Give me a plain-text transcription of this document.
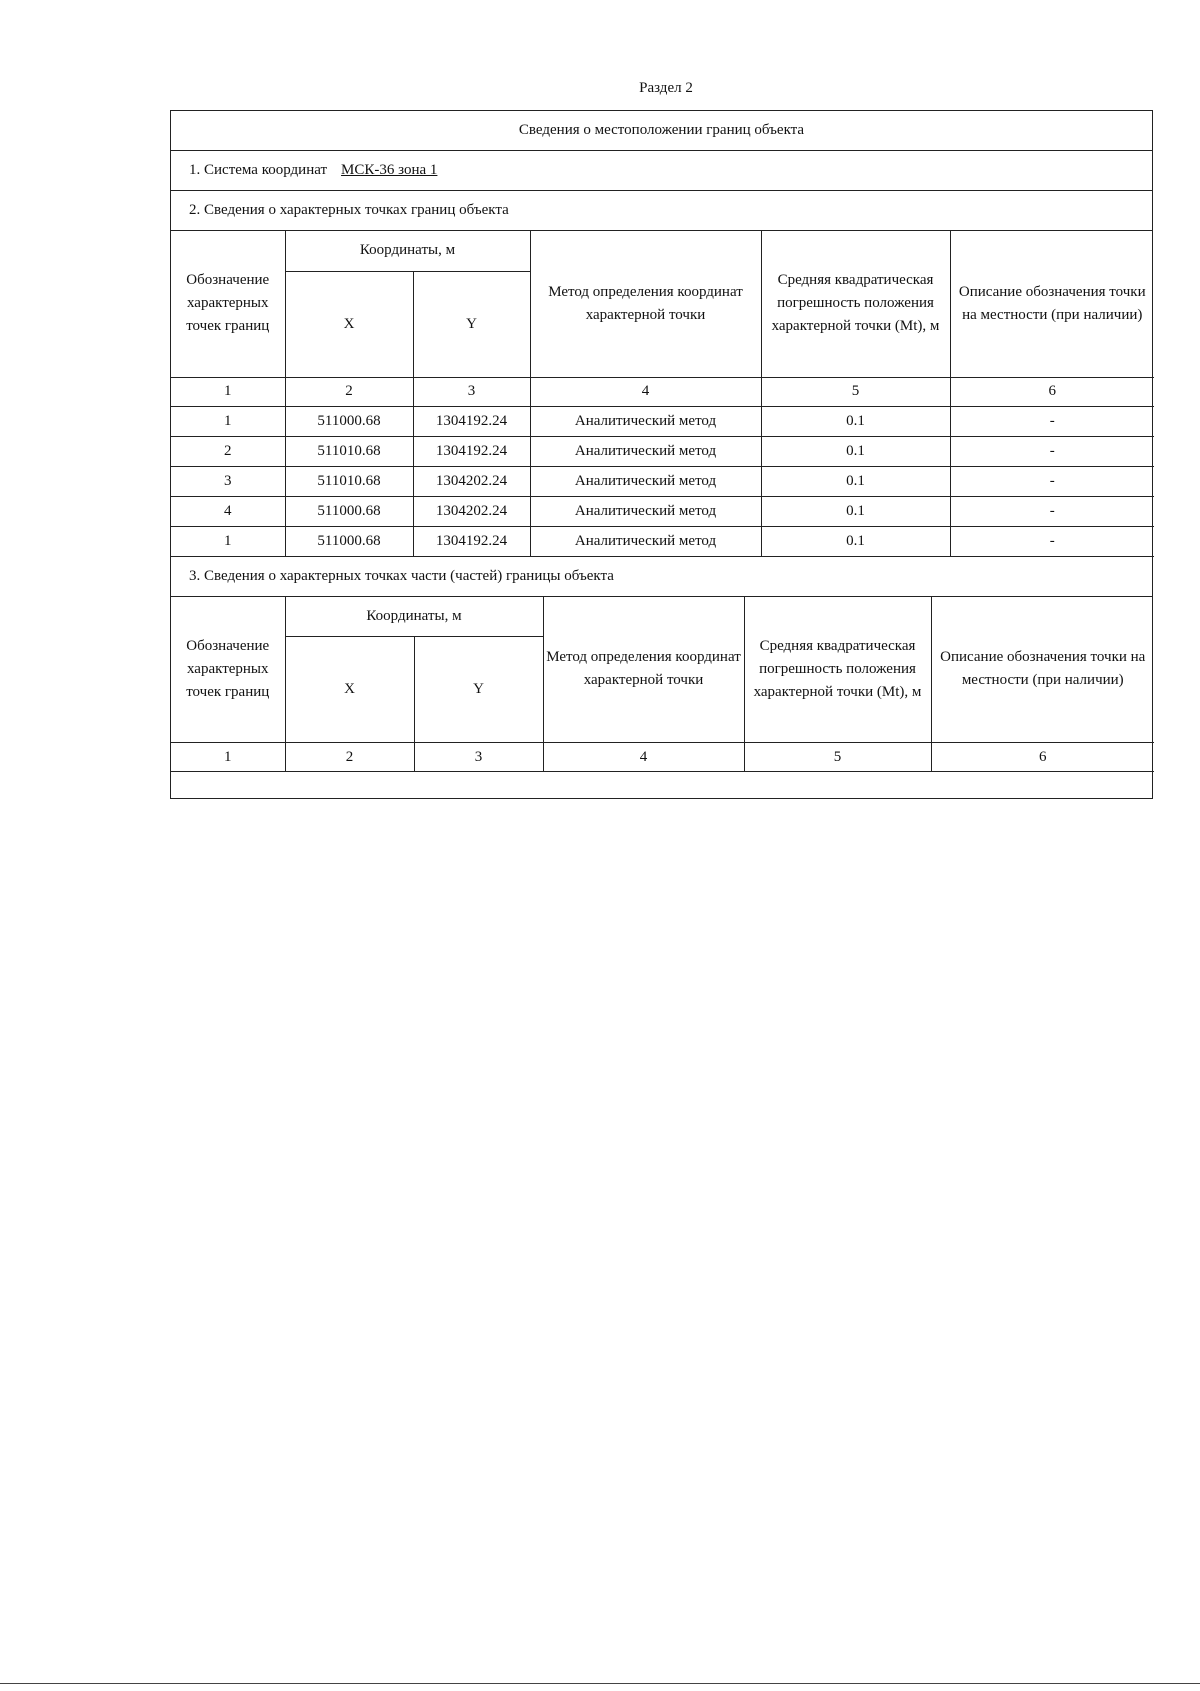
Раздел 2
Сведения о местоположении границ объекта
1. Система координат МСК-36 зона 1
2. Сведения о характерных точках границ объекта
Обозначение характерных точек границ	Координаты, м		Метод определения координат характерной точки	Средняя квадратическая погрешность положения характерной точки (Mt), м	Описание обозначения точки на местности (при наличии)
	X	Y			
1	2	3	4	5	6
1	511000.68	1304192.24	Аналитический метод	0.1	-
2	511010.68	1304192.24	Аналитический метод	0.1	-
3	511010.68	1304202.24	Аналитический метод	0.1	-
4	511000.68	1304202.24	Аналитический метод	0.1	-
1	511000.68	1304192.24	Аналитический метод	0.1	-
3. Сведения о характерных точках части (частей) границы объекта
Обозначение характерных точек границ	Координаты, м		Метод определения координат характерной точки	Средняя квадратическая погрешность положения характерной точки (Mt), м	Описание обозначения точки на местности (при наличии)
	X	Y			
1	2	3	4	5	6
